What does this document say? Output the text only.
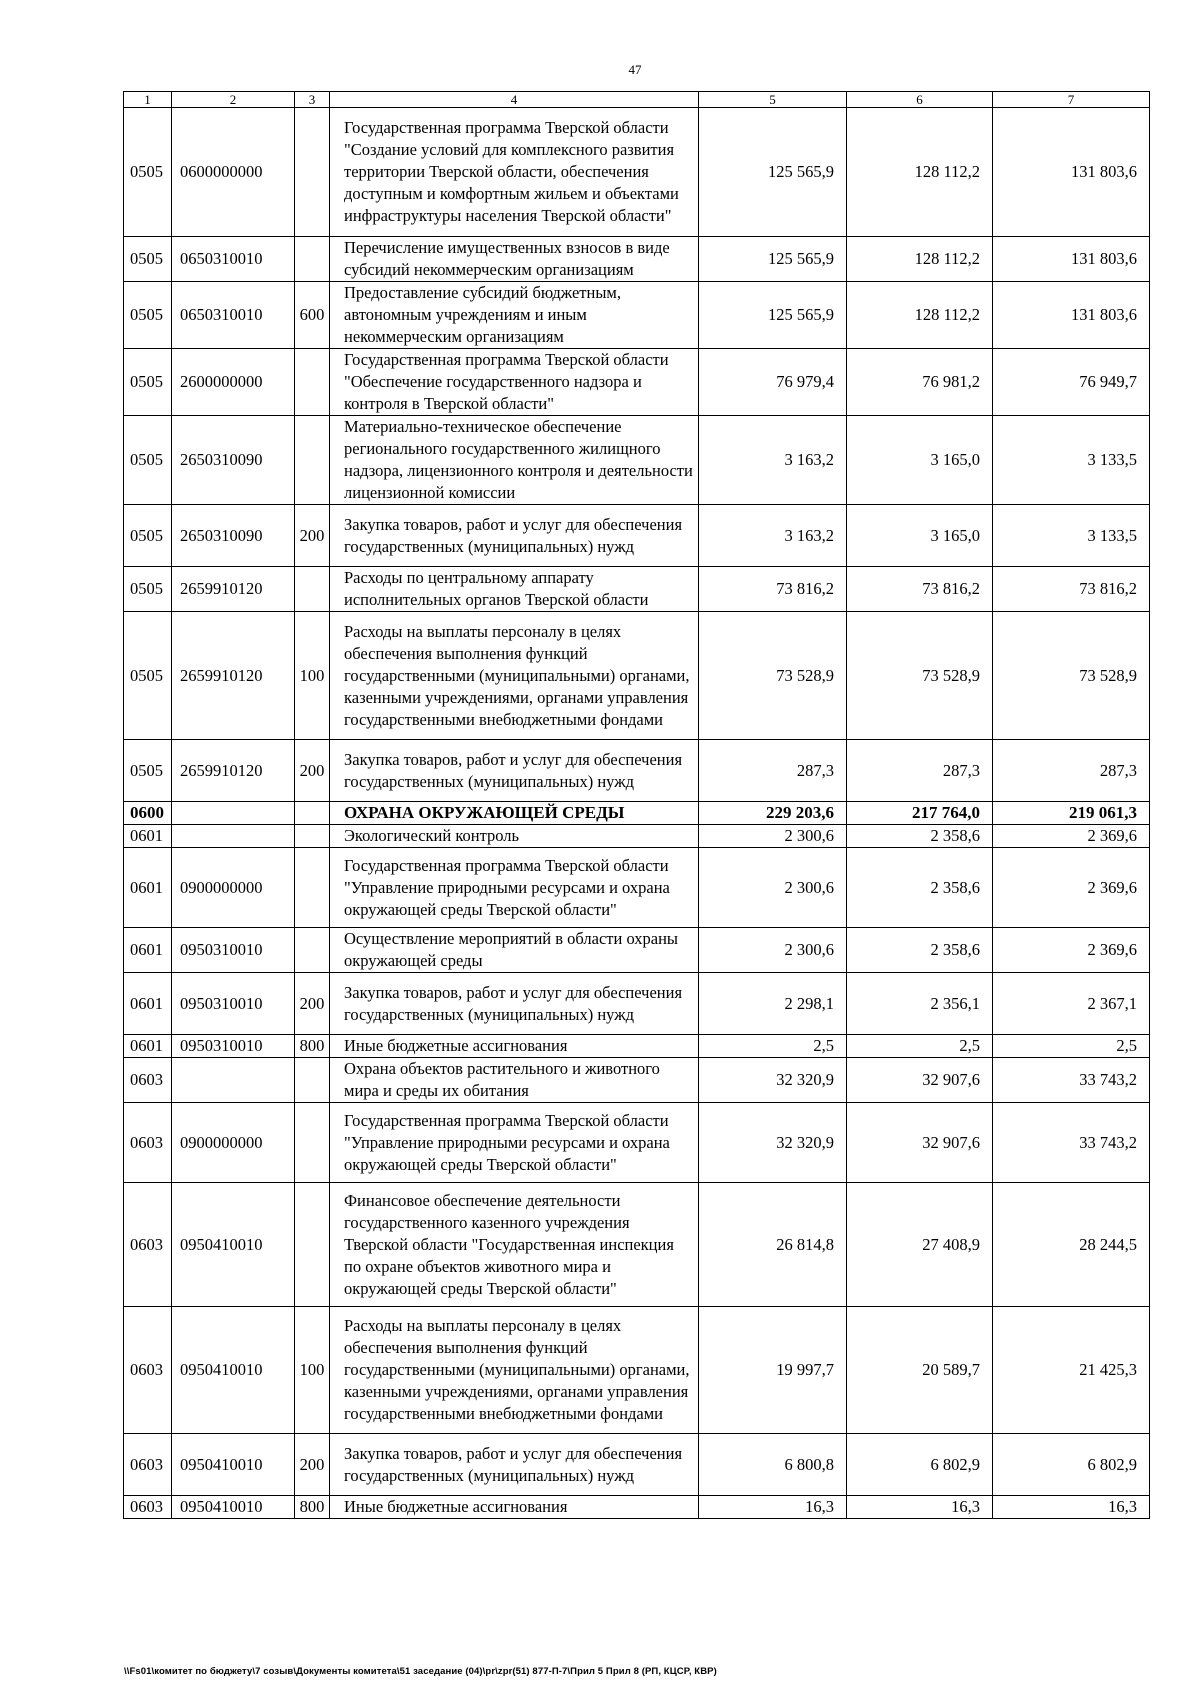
47
1	2	3	4	5	6	7
0505	0600000000		Государственная программа Тверской области "Создание условий для комплексного развития территории Тверской области, обеспечения доступным и комфортным жильем и объектами инфраструктуры населения Тверской области"	125 565,9	128 112,2	131 803,6
0505	0650310010		Перечисление имущественных взносов в виде субсидий некоммерческим организациям	125 565,9	128 112,2	131 803,6
0505	0650310010	600	Предоставление субсидий бюджетным, автономным учреждениям и иным некоммерческим организациям	125 565,9	128 112,2	131 803,6
0505	2600000000		Государственная программа Тверской области "Обеспечение государственного надзора и контроля в Тверской области"	76 979,4	76 981,2	76 949,7
0505	2650310090		Материально-техническое обеспечение регионального государственного жилищного надзора, лицензионного контроля и деятельности лицензионной комиссии	3 163,2	3 165,0	3 133,5
0505	2650310090	200	Закупка товаров, работ и услуг для обеспечения государственных (муниципальных) нужд	3 163,2	3 165,0	3 133,5
0505	2659910120		Расходы по центральному аппарату исполнительных органов Тверской области	73 816,2	73 816,2	73 816,2
0505	2659910120	100	Расходы на выплаты персоналу в целях обеспечения выполнения функций государственными (муниципальными) органами, казенными учреждениями, органами управления государственными внебюджетными фондами	73 528,9	73 528,9	73 528,9
0505	2659910120	200	Закупка товаров, работ и услуг для обеспечения государственных (муниципальных) нужд	287,3	287,3	287,3
0600			ОХРАНА ОКРУЖАЮЩЕЙ СРЕДЫ	229 203,6	217 764,0	219 061,3
0601			Экологический контроль	2 300,6	2 358,6	2 369,6
0601	0900000000		Государственная программа Тверской области "Управление природными ресурсами и охрана окружающей среды Тверской области"	2 300,6	2 358,6	2 369,6
0601	0950310010		Осуществление мероприятий в области охраны окружающей среды	2 300,6	2 358,6	2 369,6
0601	0950310010	200	Закупка товаров, работ и услуг для обеспечения государственных (муниципальных) нужд	2 298,1	2 356,1	2 367,1
0601	0950310010	800	Иные бюджетные ассигнования	2,5	2,5	2,5
0603			Охрана объектов растительного и животного мира и среды их обитания	32 320,9	32 907,6	33 743,2
0603	0900000000		Государственная программа Тверской области "Управление природными ресурсами и охрана окружающей среды Тверской области"	32 320,9	32 907,6	33 743,2
0603	0950410010		Финансовое обеспечение деятельности государственного казенного учреждения Тверской области "Государственная инспекция по охране объектов животного мира и окружающей среды Тверской области"	26 814,8	27 408,9	28 244,5
0603	0950410010	100	Расходы на выплаты персоналу в целях обеспечения выполнения функций государственными (муниципальными) органами, казенными учреждениями, органами управления государственными внебюджетными фондами	19 997,7	20 589,7	21 425,3
0603	0950410010	200	Закупка товаров, работ и услуг для обеспечения государственных (муниципальных) нужд	6 800,8	6 802,9	6 802,9
0603	0950410010	800	Иные бюджетные ассигнования	16,3	16,3	16,3
\\Fs01\комитет по бюджету\7 созыв\Документы комитета\51 заседание (04)\pr\zpr(51) 877-П-7\Прил 5 Прил 8 (РП, КЦСР, КВР)
